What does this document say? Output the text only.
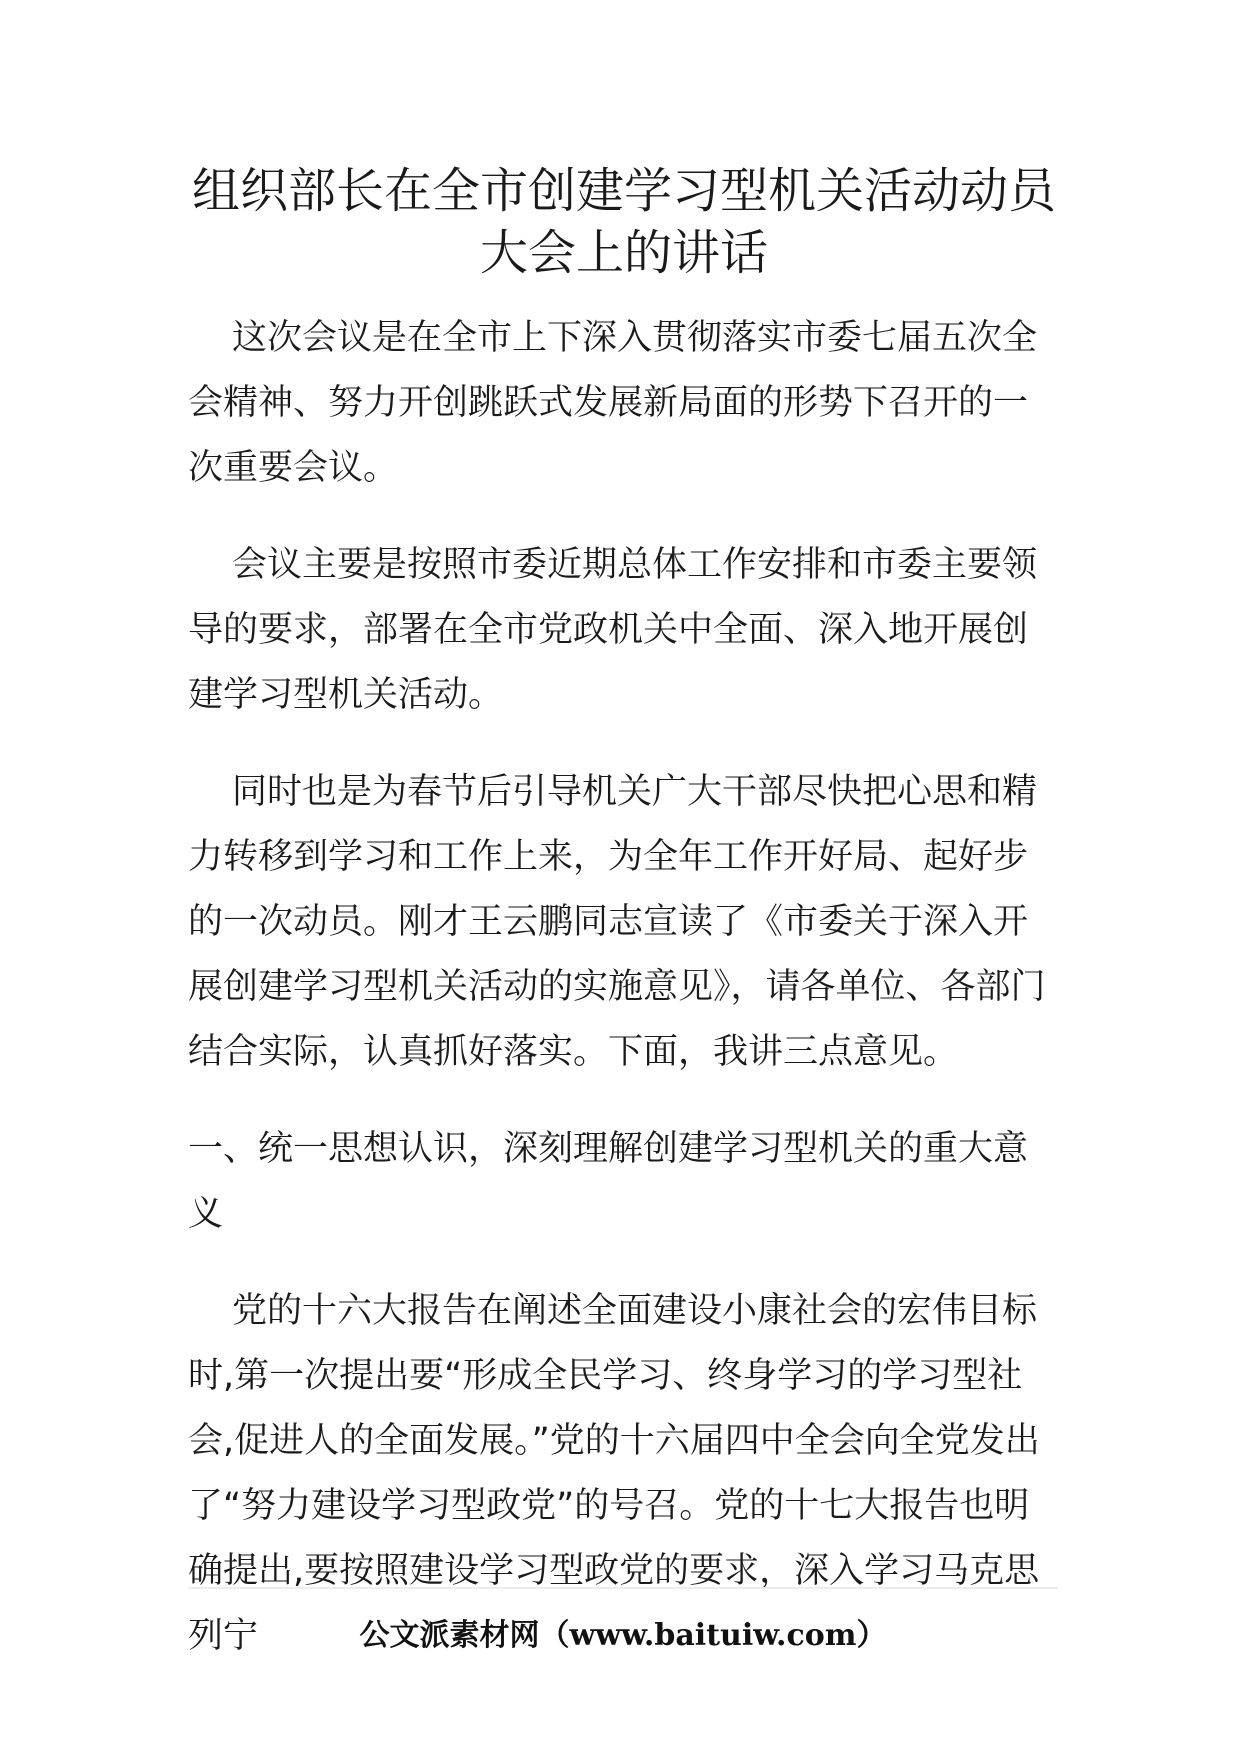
组织部长在全市创建学习型机关活动动员
大会上的讲话

这次会议是在全市上下深入贯彻落实市委七届五次全会精神、努力开创跳跃式发展新局面的形势下召开的一次重要会议。

会议主要是按照市委近期总体工作安排和市委主要领导的要求，部署在全市党政机关中全面、深入地开展创建学习型机关活动。

同时也是为春节后引导机关广大干部尽快把心思和精力转移到学习和工作上来，为全年工作开好局、起好步的一次动员。刚才王云鹏同志宣读了《市委关于深入开展创建学习型机关活动的实施意见》，请各单位、各部门结合实际，认真抓好落实。下面，我讲三点意见。

一、统一思想认识，深刻理解创建学习型机关的重大意义

党的十六大报告在阐述全面建设小康社会的宏伟目标时,第一次提出要“形成全民学习、终身学习的学习型社会,促进人的全面发展。”党的十六届四中全会向全党发出了“努力建设学习型政党”的号召。党的十七大报告也明确提出,要按照建设学习型政党的要求，深入学习马克思列宁	公文派素材网（www.baituiw.com）
